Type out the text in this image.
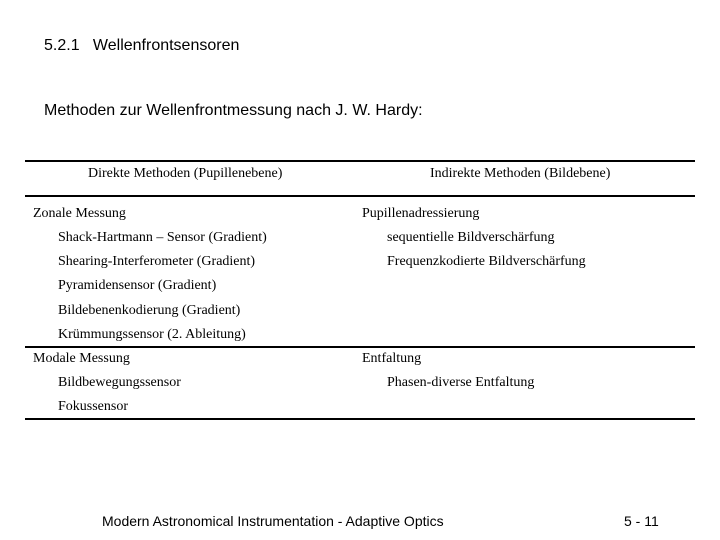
5.2.1   Wellenfrontsensoren
Methoden zur Wellenfrontmessung nach J. W. Hardy:
Direkte Methoden (Pupillenebene)	Indirekte Methoden (Bildebene)
Zonale Messung
Shack-Hartmann – Sensor (Gradient)
Shearing-Interferometer (Gradient)
Pyramidensensor (Gradient)
Bildebenenkodierung (Gradient)
Krümmungssensor (2. Ableitung)
Pupillenadressierung
sequentielle Bildverschärfung
Frequenzkodierte Bildverschärfung
Modale Messung
Bildbewegungssensor
Fokussensor
Entfaltung
Phasen-diverse Entfaltung
Modern Astronomical Instrumentation - Adaptive Optics	5 - 11
